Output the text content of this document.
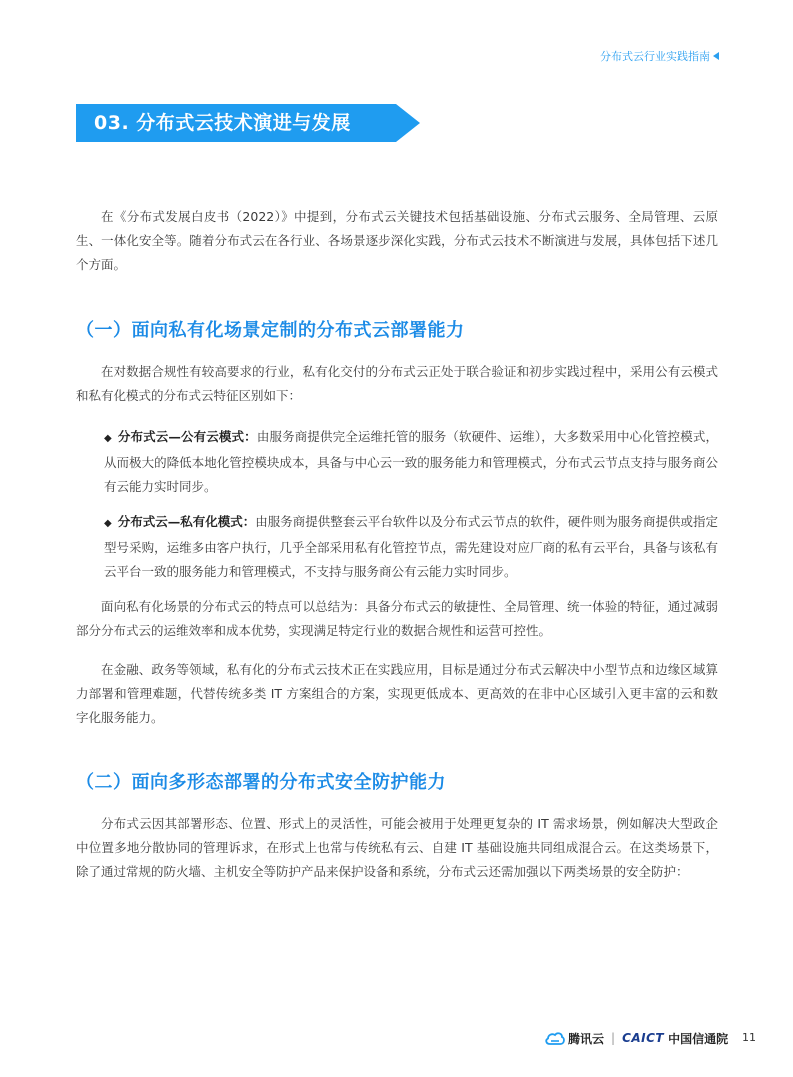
分布式云行业实践指南
03. 分布式云技术演进与发展

在《分布式发展白皮书（2022）》中提到，分布式云关键技术包括基础设施、分布式云服务、全局管理、云原生、一体化安全等。随着分布式云在各行业、各场景逐步深化实践，分布式云技术不断演进与发展，具体包括下述几个方面。

（一）面向私有化场景定制的分布式云部署能力

在对数据合规性有较高要求的行业，私有化交付的分布式云正处于联合验证和初步实践过程中，采用公有云模式和私有化模式的分布式云特征区别如下：

◆ 分布式云—公有云模式：由服务商提供完全运维托管的服务（软硬件、运维），大多数采用中心化管控模式，从而极大的降低本地化管控模块成本，具备与中心云一致的服务能力和管理模式，分布式云节点支持与服务商公有云能力实时同步。

◆ 分布式云—私有化模式：由服务商提供整套云平台软件以及分布式云节点的软件，硬件则为服务商提供或指定型号采购，运维多由客户执行，几乎全部采用私有化管控节点，需先建设对应厂商的私有云平台，具备与该私有云平台一致的服务能力和管理模式，不支持与服务商公有云能力实时同步。

面向私有化场景的分布式云的特点可以总结为：具备分布式云的敏捷性、全局管理、统一体验的特征，通过减弱部分分布式云的运维效率和成本优势，实现满足特定行业的数据合规性和运营可控性。

在金融、政务等领域，私有化的分布式云技术正在实践应用，目标是通过分布式云解决中小型节点和边缘区域算力部署和管理难题，代替传统多类 IT 方案组合的方案，实现更低成本、更高效的在非中心区域引入更丰富的云和数字化服务能力。

（二）面向多形态部署的分布式安全防护能力

分布式云因其部署形态、位置、形式上的灵活性，可能会被用于处理更复杂的 IT 需求场景，例如解决大型政企中位置多地分散协同的管理诉求，在形式上也常与传统私有云、自建 IT 基础设施共同组成混合云。在这类场景下，除了通过常规的防火墙、主机安全等防护产品来保护设备和系统，分布式云还需加强以下两类场景的安全防护：

腾讯云 | CAICT 中国信通院 11
